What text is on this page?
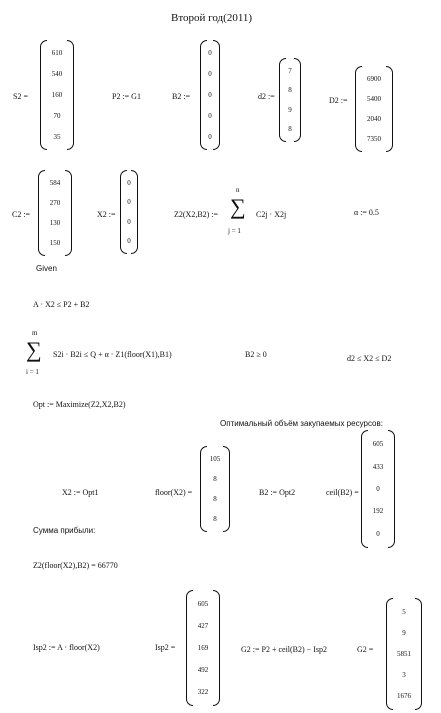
Второй год(2011)
S2 =
610
540
160
70
35
P2 := G1	B2 :=
0
0
0
0
0
d2 :=
7
8
9
8
D2 :=
6900
5400
2040
7350
C2 :=
584
270
130
150
X2 :=
0
0
0
0
Z2(X2,B2) :=
n
∑
j = 1
C2j · X2j	α := 0.5
Given
A · X2 ≤ P2 + B2
m
∑
i = 1
S2i · B2i ≤ Q + α · Z1(floor(X1),B1)	B2 ≥ 0	d2 ≤ X2 ≤ D2
Opt := Maximize(Z2,X2,B2)
Оптимальный объём закупаемых ресурсов:
X2 := Opt1	floor(X2) =
105
8
8
8
B2 := Opt2	ceil(B2) =
605
433
0
192
0
Сумма прибыли:
Z2(floor(X2),B2) = 66770
Isp2 := A · floor(X2)	Isp2 =
605
427
169
492
322
G2 := P2 + ceil(B2) − Isp2	G2 =
5
9
5851
3
1676
